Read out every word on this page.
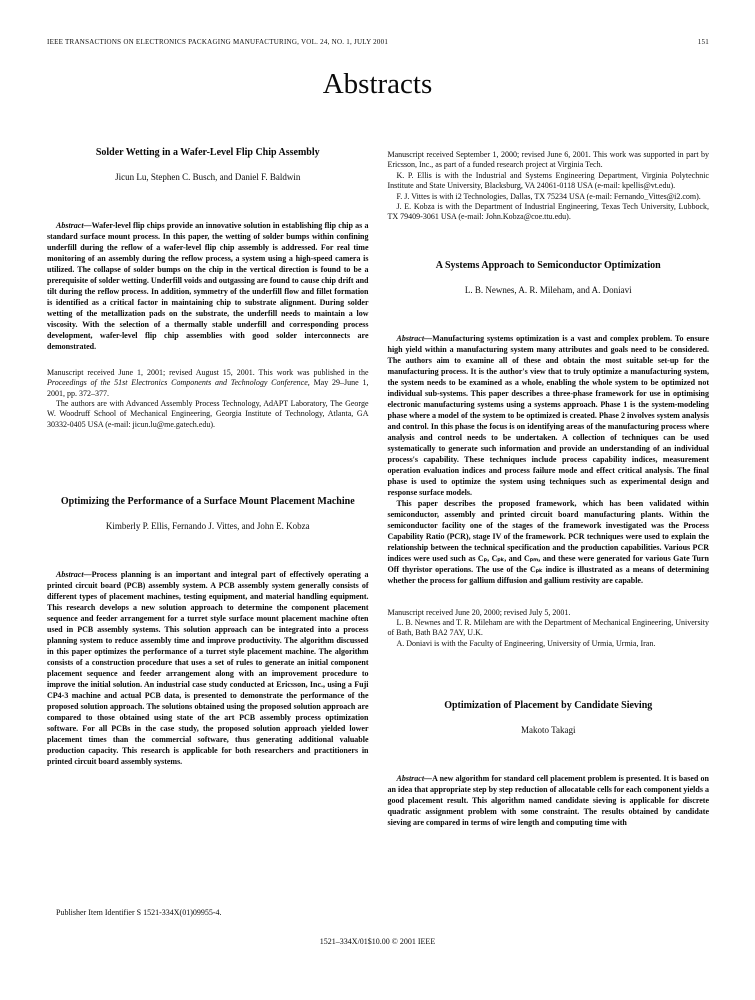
IEEE TRANSACTIONS ON ELECTRONICS PACKAGING MANUFACTURING, VOL. 24, NO. 1, JULY 2001	151
Abstracts
Solder Wetting in a Wafer-Level Flip Chip Assembly
Jicun Lu, Stephen C. Busch, and Daniel F. Baldwin

Abstract—Wafer-level flip chips provide an innovative solution in establishing flip chip as a standard surface mount process. In this paper, the wetting of solder bumps within confining underfill during the reflow of a wafer-level flip chip assembly is addressed. For real time monitoring of an assembly during the reflow process, a system using a high-speed camera is utilized. The collapse of solder bumps on the chip in the vertical direction is found to be a prerequisite of solder wetting. Underfill voids and outgassing are found to cause chip drift and tilt during the reflow process. In addition, symmetry of the underfill flow and fillet formation is identified as a critical factor in maintaining chip to substrate alignment. During solder wetting of the metallization pads on the substrate, the underfill needs to maintain a low viscosity. With the selection of a thermally stable underfill and corresponding process development, wafer-level flip chip assemblies with good solder interconnects are demonstrated.

Manuscript received June 1, 2001; revised August 15, 2001. This work was published in the Proceedings of the 51st Electronics Components and Technology Conference, May 29–June 1, 2001, pp. 372–377.

The authors are with Advanced Assembly Process Technology, AdAPT Laboratory, The George W. Woodruff School of Mechanical Engineering, Georgia Institute of Technology, Atlanta, GA 30332-0405 USA (e-mail: jicun.lu@me.gatech.edu).

Optimizing the Performance of a Surface Mount Placement Machine
Kimberly P. Ellis, Fernando J. Vittes, and John E. Kobza

Abstract—Process planning is an important and integral part of effectively operating a printed circuit board (PCB) assembly system. A PCB assembly system generally consists of different types of placement machines, testing equipment, and material handling equipment. This research develops a new solution approach to determine the component placement sequence and feeder arrangement for a turret style surface mount placement machine often used in PCB assembly systems. This solution approach can be integrated into a process planning system to reduce assembly time and improve productivity. The algorithm discussed in this paper optimizes the performance of a turret style placement machine. The algorithm consists of a construction procedure that uses a set of rules to generate an initial component placement sequence and feeder arrangement along with an improvement procedure to improve the initial solution. An industrial case study conducted at Ericsson, Inc., using a Fuji CP4-3 machine and actual PCB data, is presented to demonstrate the performance of the proposed solution approach. The solutions obtained using the proposed solution approach are compared to those obtained using state of the art PCB assembly process optimization software. For all PCBs in the case study, the proposed solution approach yielded lower placement times than the commercial software, thus generating additional valuable production capacity. This research is applicable for both researchers and practitioners in printed circuit board assembly systems.

Manuscript received September 1, 2000; revised June 6, 2001. This work was supported in part by Ericsson, Inc., as part of a funded research project at Virginia Tech.

K. P. Ellis is with the Industrial and Systems Engineering Department, Virginia Polytechnic Institute and State University, Blacksburg, VA 24061-0118 USA (e-mail: kpellis@vt.edu).

F. J. Vittes is with i2 Technologies, Dallas, TX 75234 USA (e-mail: Fernando_Vittes@i2.com).

J. E. Kobza is with the Department of Industrial Engineering, Texas Tech University, Lubbock, TX 79409-3061 USA (e-mail: John.Kobza@coe.ttu.edu).

A Systems Approach to Semiconductor Optimization
L. B. Newnes, A. R. Mileham, and A. Doniavi

Abstract—Manufacturing systems optimization is a vast and complex problem. To ensure high yield within a manufacturing system many attributes and goals need to be considered. The authors aim to examine all of these and obtain the most suitable set-up for the manufacturing process. It is the author's view that to truly optimize a manufacturing system, the system needs to be examined as a whole, enabling the whole system to be optimized not individual sub-systems. This paper describes a three-phase framework for use in optimising electronic manufacturing systems using a systems approach. Phase 1 is the system-modeling phase where a model of the system to be optimized is created. Phase 2 involves system analysis and control. In this phase the focus is on identifying areas of the manufacturing process where analysis and control needs to be undertaken. A collection of techniques can be used systematically to generate such information and provide an understanding of an individual process's capability. These techniques include process capability indices, measurement operation evaluation indices and process failure mode and effect critical analysis. The final phase is used to optimize the system using techniques such as experimental design and response surface models.

This paper describes the proposed framework, which has been validated within semiconductor, assembly and printed circuit board manufacturing plants. Within the semiconductor facility one of the stages of the framework investigated was the Process Capability Ratio (PCR), stage IV of the framework. PCR techniques were used to explain the relationship between the technical specification and the production capabilities. Various PCR indices were used such as Cₚ, Cₚₖ, and Cₚₘ, and these were generated for various Gate Turn Off thyristor operations. The use of the Cₚₖ indice is illustrated as a means of determining whether the process for gallium diffusion and gallium restivity are capable.

Manuscript received June 20, 2000; revised July 5, 2001.

L. B. Newnes and T. R. Mileham are with the Department of Mechanical Engineering, University of Bath, Bath BA2 7AY, U.K.

A. Doniavi is with the Faculty of Engineering, University of Urmia, Urmia, Iran.

Optimization of Placement by Candidate Sieving
Makoto Takagi

Abstract—A new algorithm for standard cell placement problem is presented. It is based on an idea that appropriate step by step reduction of allocatable cells for each component yields a good placement result. This algorithm named candidate sieving is applicable for discrete quadratic assignment problem with some constraint. The results obtained by candidate sieving are compared in terms of wire length and computing time with

Publisher Item Identifier S 1521-334X(01)09955-4.
1521–334X/01$10.00 © 2001 IEEE
